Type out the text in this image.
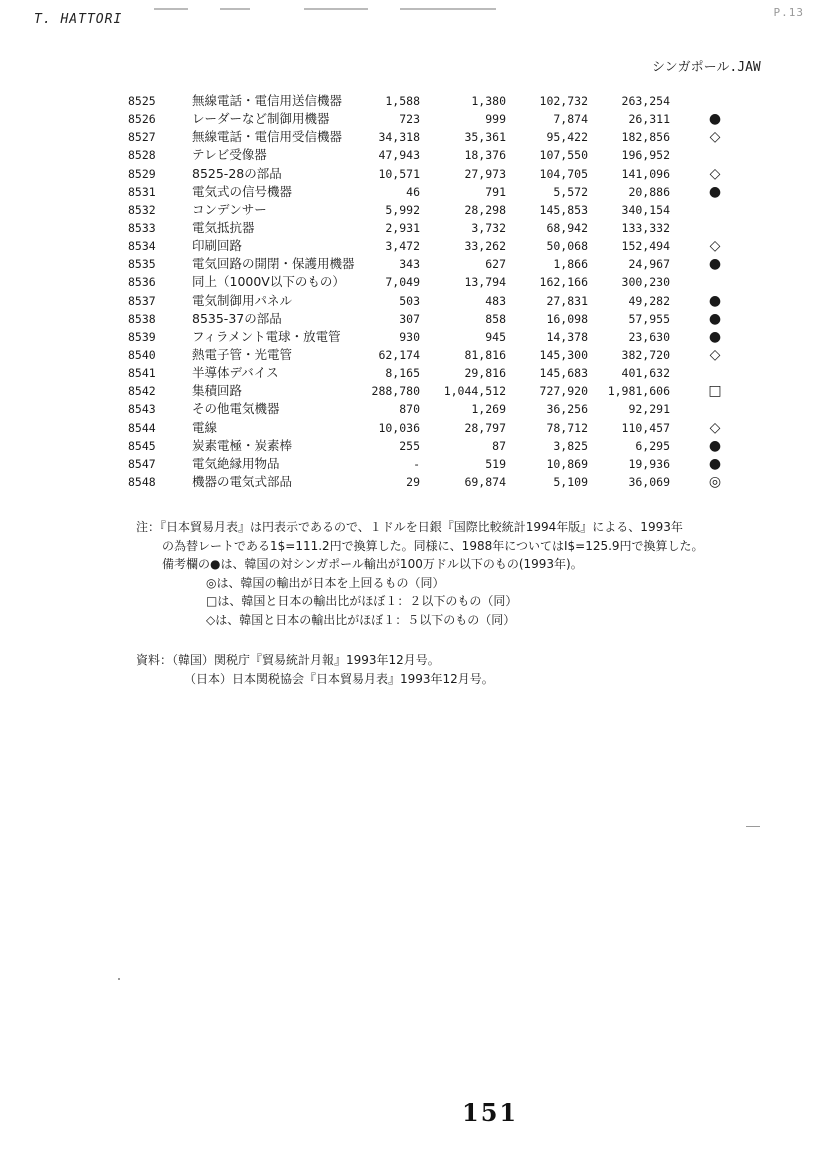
T. HATTORI	P.13
シンガポール.JAW
8525	無線電話・電信用送信機器	1,588	1,380	102,732	263,254	
8526	レーダーなど制御用機器	723	999	7,874	26,311	●
8527	無線電話・電信用受信機器	34,318	35,361	95,422	182,856	◇
8528	テレビ受像器	47,943	18,376	107,550	196,952	
8529	8525-28の部品	10,571	27,973	104,705	141,096	◇
8531	電気式の信号機器	46	791	5,572	20,886	●
8532	コンデンサー	5,992	28,298	145,853	340,154	
8533	電気抵抗器	2,931	3,732	68,942	133,332	
8534	印刷回路	3,472	33,262	50,068	152,494	◇
8535	電気回路の開閉・保護用機器	343	627	1,866	24,967	●
8536	同上（1000V以下のもの）	7,049	13,794	162,166	300,230	
8537	電気制御用パネル	503	483	27,831	49,282	●
8538	8535-37の部品	307	858	16,098	57,955	●
8539	フィラメント電球・放電管	930	945	14,378	23,630	●
8540	熱電子管・光電管	62,174	81,816	145,300	382,720	◇
8541	半導体デバイス	8,165	29,816	145,683	401,632	
8542	集積回路	288,780	1,044,512	727,920	1,981,606	□
8543	その他電気機器	870	1,269	36,256	92,291	
8544	電線	10,036	28,797	78,712	110,457	◇
8545	炭素電極・炭素棒	255	87	3,825	6,295	●
8547	電気絶縁用物品	-	519	10,869	19,936	●
8548	機器の電気式部品	29	69,874	5,109	36,069	◎

注：『日本貿易月表』は円表示であるので、１ドルを日銀『国際比較統計1994年版』による、1993年

の為替レートである1$=111.2円で換算した。同様に、1988年についてはI$=125.9円で換算した。

備考欄の●は、韓国の対シンガポール輸出が100万ドル以下のもの(1993年)。

◎は、韓国の輸出が日本を上回るもの（同）

□は、韓国と日本の輸出比がほぼ１：２以下のもの（同）

◇は、韓国と日本の輸出比がほぼ１：５以下のもの（同）

資料：（韓国）関税庁『貿易統計月報』1993年12月号。

（日本）日本関税協会『日本貿易月表』1993年12月号。

151
